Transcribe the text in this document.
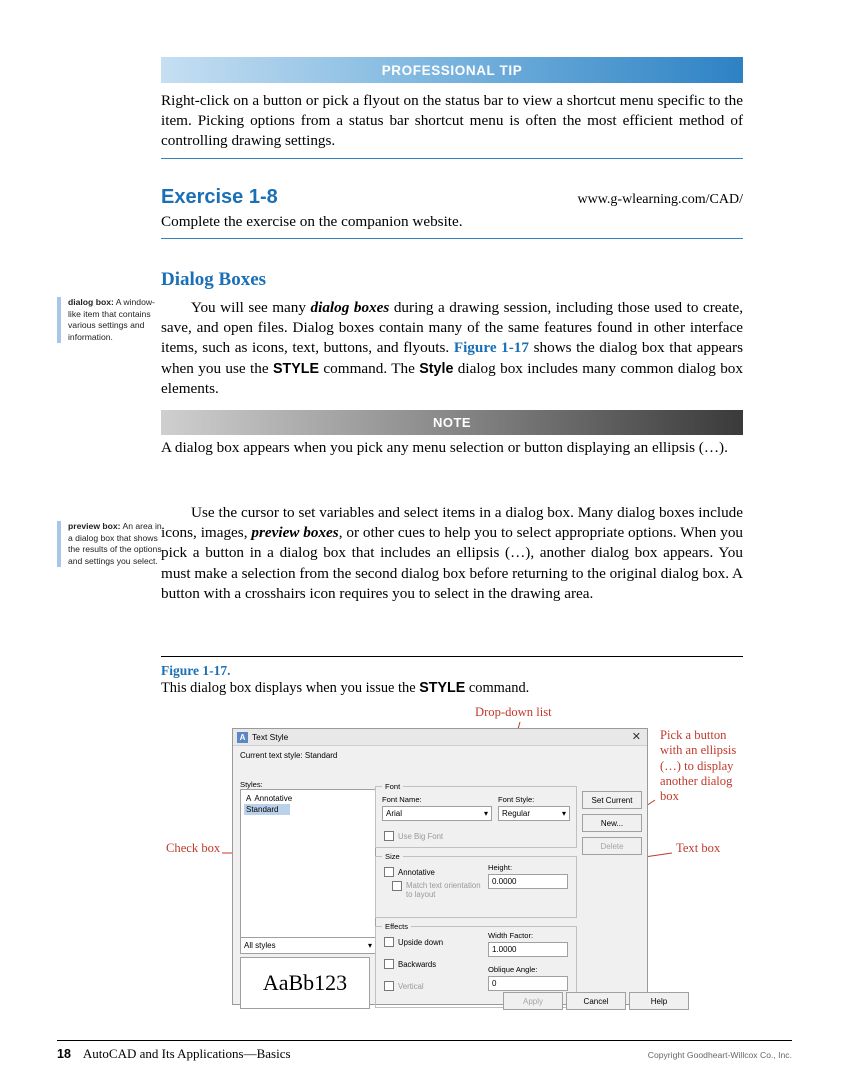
PROFESSIONAL TIP
Right-click on a button or pick a flyout on the status bar to view a shortcut menu specific to the item. Picking options from a status bar shortcut menu is often the most efficient method of controlling drawing settings.
Exercise 1-8	www.g-wlearning.com/CAD/
Complete the exercise on the companion website.
Dialog Boxes
dialog box: A window-like item that contains various settings and information.
preview box: An area in a dialog box that shows the results of the options and settings you select.
You will see many dialog boxes during a drawing session, including those used to create, save, and open files. Dialog boxes contain many of the same features found in other interface items, such as icons, text, buttons, and flyouts. Figure 1-17 shows the dialog box that appears when you use the STYLE command. The Style dialog box includes many common dialog box elements.
NOTE
A dialog box appears when you pick any menu selection or button displaying an ellipsis (…).
Use the cursor to set variables and select items in a dialog box. Many dialog boxes include icons, images, preview boxes, or other cues to help you to select appropriate options. When you pick a button in a dialog box that includes an ellipsis (…), another dialog box appears. You must make a selection from the second dialog box before returning to the original dialog box. A button with a crosshairs icon requires you to select in the drawing area.
Figure 1-17.
This dialog box displays when you issue the STYLE command.
Drop-down list
Pick a button with an ellipsis (…) to display another dialog box
Check box	Text box
A Text Style	✕
Current text style: Standard
Styles:
A Annotative
Standard
All styles	▾
AaBb123
Font
Font Name:
Arial	▾
Font Style:
Regular	▾
Use Big Font
Size
Annotative
Match text orientation to layout
Height:
0.0000
Effects
Upside down
Backwards
Vertical
Width Factor:
1.0000
Oblique Angle:
0
Set Current
New...
Delete
Apply	Cancel	Help
18 AutoCAD and Its Applications—Basics	Copyright Goodheart-Willcox Co., Inc.
